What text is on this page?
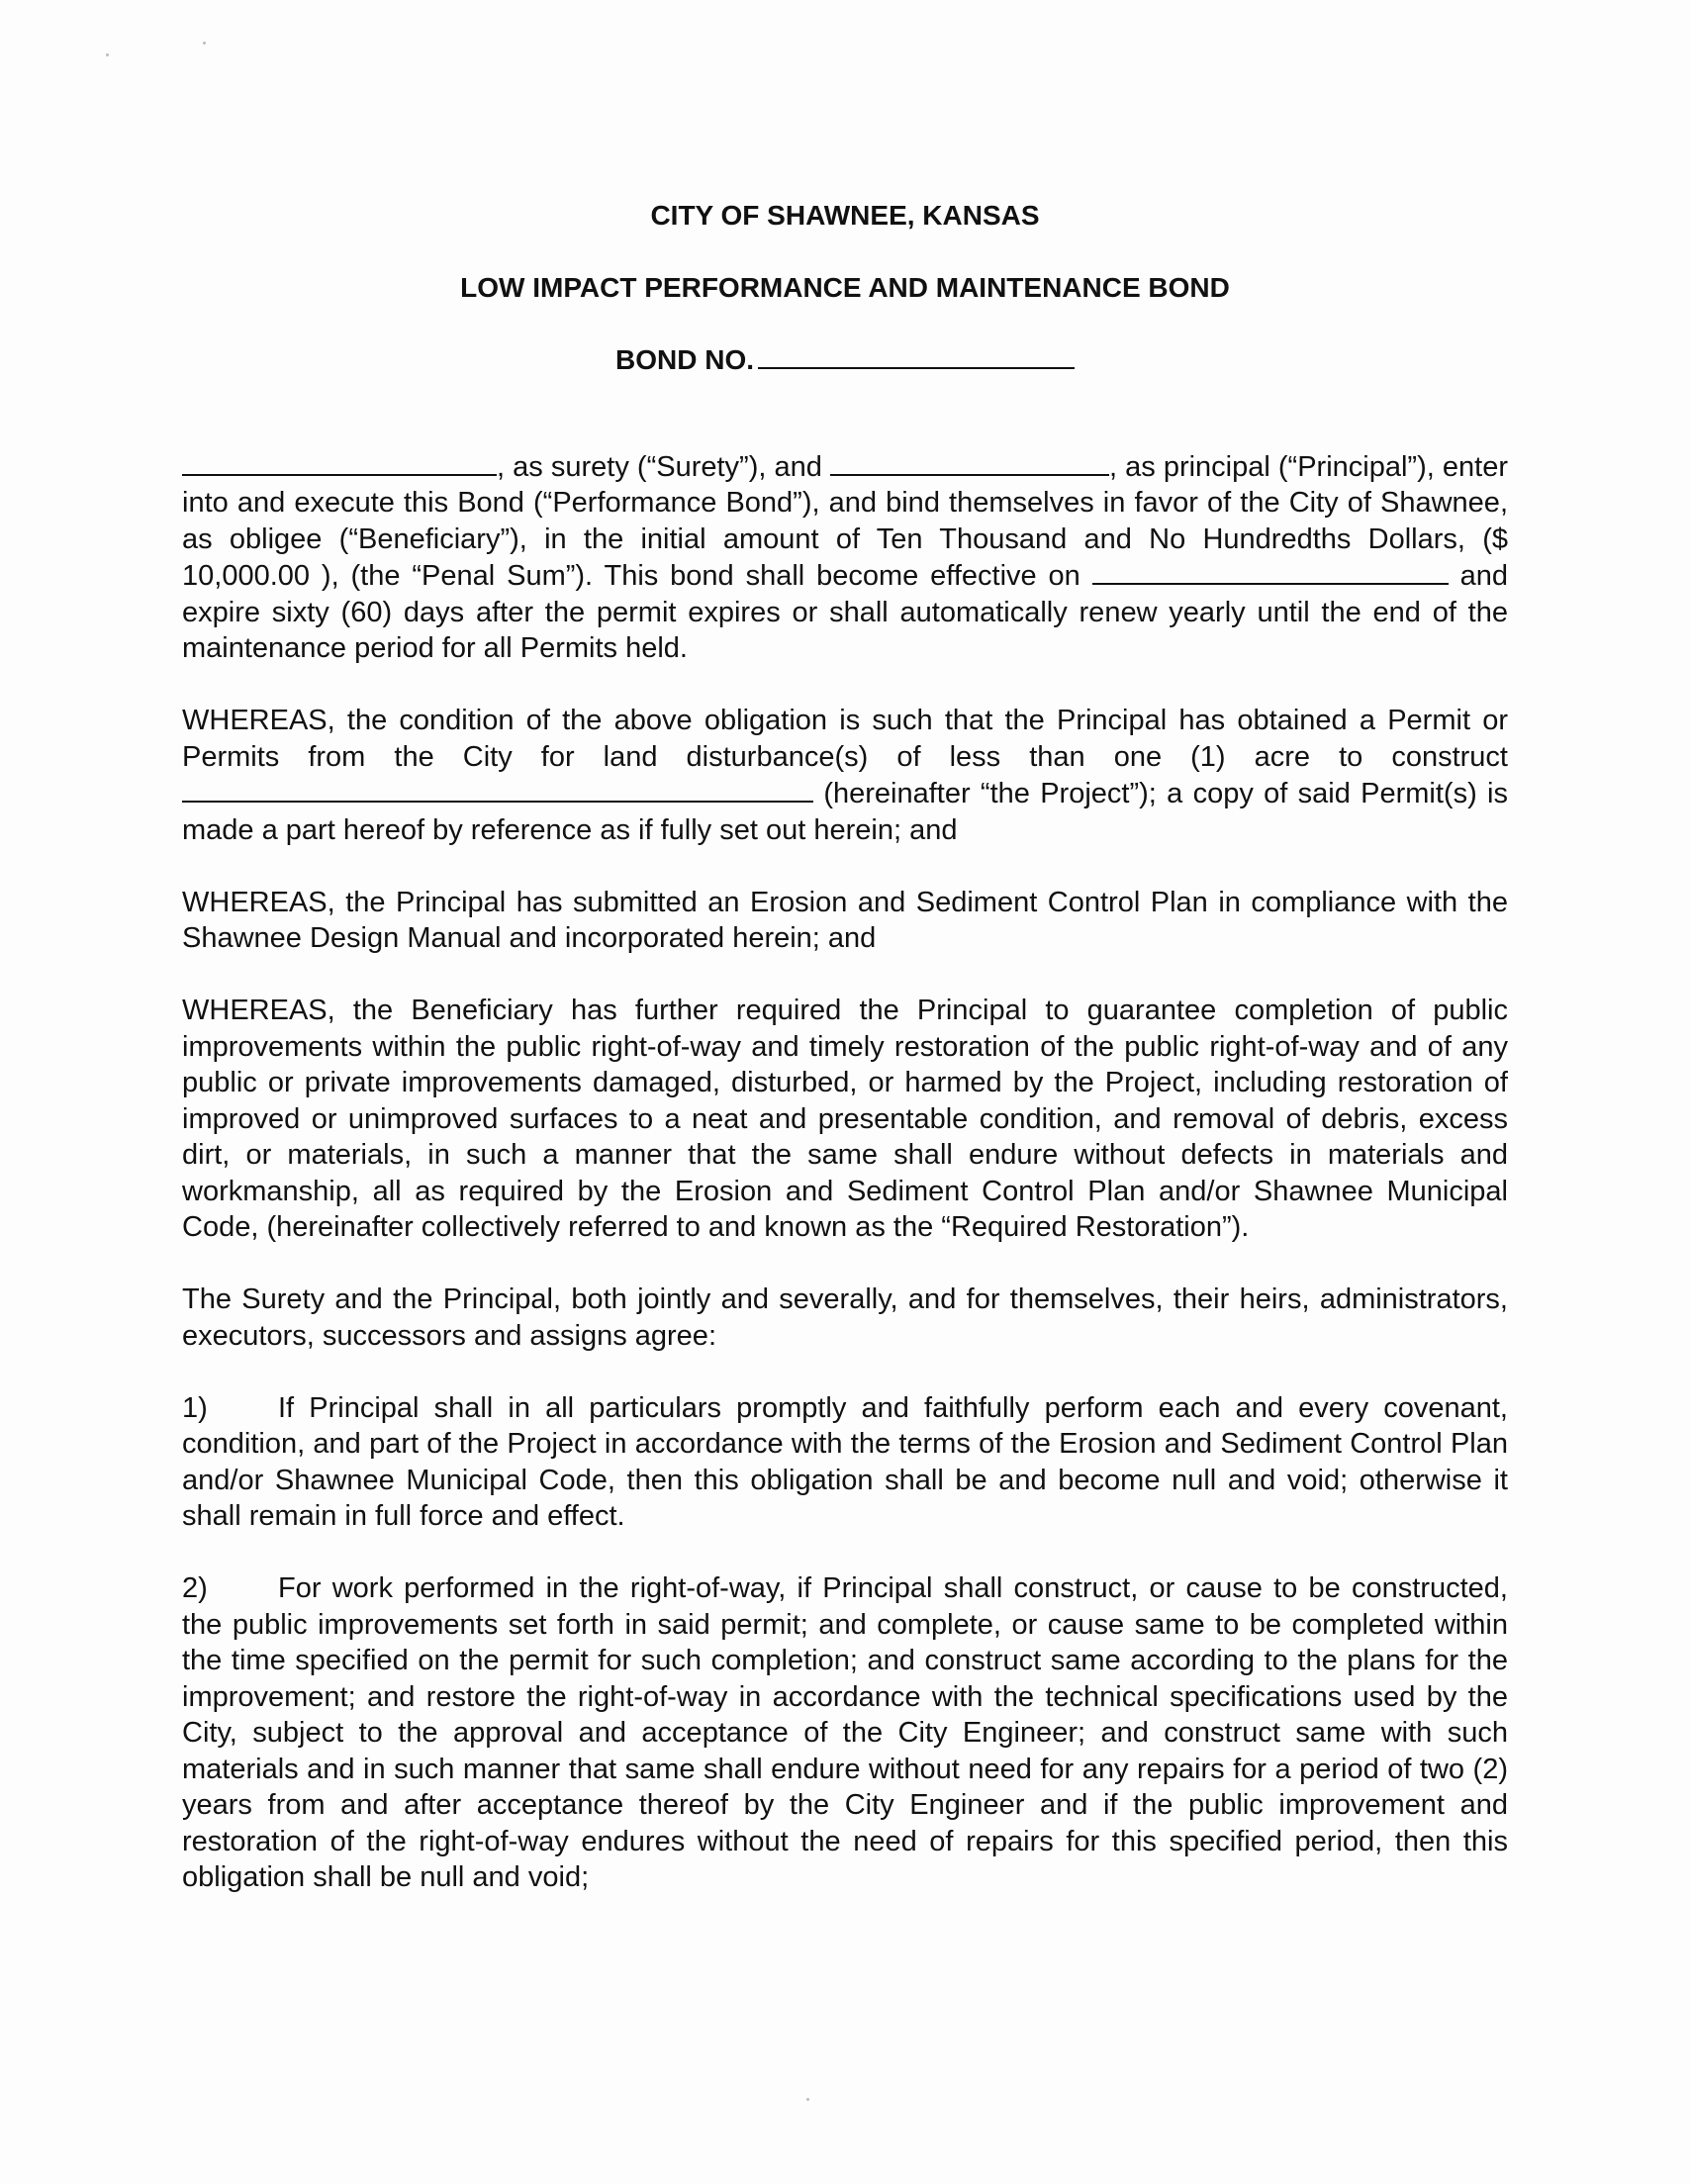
CITY OF SHAWNEE, KANSAS

LOW IMPACT PERFORMANCE AND MAINTENANCE BOND

BOND NO.

, as surety (“Surety”), and	, as principal (“Principal”), enter into and execute this Bond (“Performance Bond”), and bind themselves in favor of the City of Shawnee, as obligee (“Beneficiary”), in the initial amount of Ten Thousand and No Hundredths Dollars, ($ 10,000.00 ), (the “Penal Sum”). This bond shall become effective on	and expire sixty (60) days after the permit expires or shall automatically renew yearly until the end of the maintenance period for all Permits held.

WHEREAS, the condition of the above obligation is such that the Principal has obtained a Permit or Permits from the City for land disturbance(s) of less than one (1) acre to construct  (hereinafter “the Project”); a copy of said Permit(s) is made a part hereof by reference as if fully set out herein; and

WHEREAS, the Principal has submitted an Erosion and Sediment Control Plan in compliance with the Shawnee Design Manual and incorporated herein; and

WHEREAS, the Beneficiary has further required the Principal to guarantee completion of public improvements within the public right-of-way and timely restoration of the public right-of-way and of any public or private improvements damaged, disturbed, or harmed by the Project, including restoration of improved or unimproved surfaces to a neat and presentable condition, and removal of debris, excess dirt, or materials, in such a manner that the same shall endure without defects in materials and workmanship, all as required by the Erosion and Sediment Control Plan and/or Shawnee Municipal Code, (hereinafter collectively referred to and known as the “Required Restoration”).

The Surety and the Principal, both jointly and severally, and for themselves, their heirs, administrators, executors, successors and assigns agree:

1) If Principal shall in all particulars promptly and faithfully perform each and every covenant, condition, and part of the Project in accordance with the terms of the Erosion and Sediment Control Plan and/or Shawnee Municipal Code, then this obligation shall be and become null and void; otherwise it shall remain in full force and effect.

2) For work performed in the right-of-way, if Principal shall construct, or cause to be constructed, the public improvements set forth in said permit; and complete, or cause same to be completed within the time specified on the permit for such completion; and construct same according to the plans for the improvement; and restore the right-of-way in accordance with the technical specifications used by the City, subject to the approval and acceptance of the City Engineer; and construct same with such materials and in such manner that same shall endure without need for any repairs for a period of two (2) years from and after acceptance thereof by the City Engineer and if the public improvement and restoration of the right-of-way endures without the need of repairs for this specified period, then this obligation shall be null and void;
